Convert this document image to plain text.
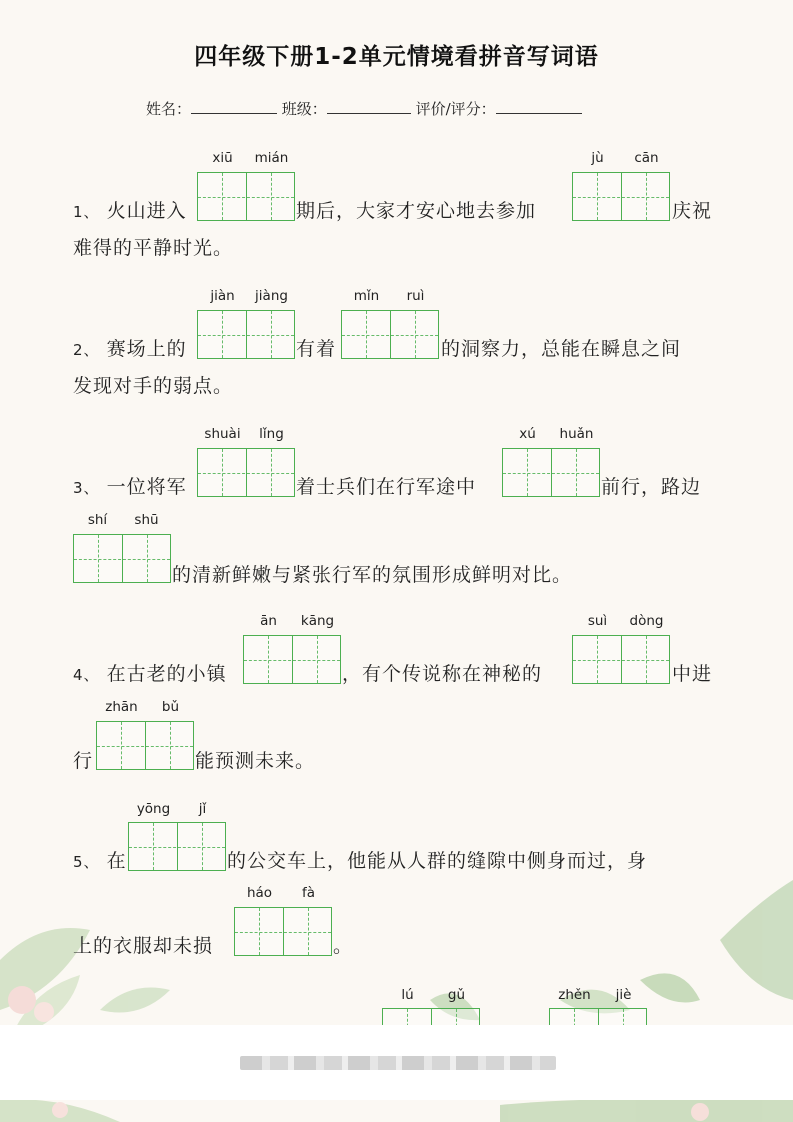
四年级下册1-2单元情境看拼音写词语
姓名：	班级：	评价/评分：
xiū	mián	jù	cān
1、 火山进入	期后，大家才安心地去参加	庆祝
难得的平静时光。
jiàn	jiàng	mǐn	ruì
2、 赛场上的	有着	的洞察力，总能在瞬息之间
发现对手的弱点。
shuài	lǐng	xú	huǎn
3、 一位将军	着士兵们在行军途中	前行，路边
shí	shū
的清新鲜嫩与紧张行军的氛围形成鲜明对比。
ān	kāng	suì	dòng
4、 在古老的小镇	，有个传说称在神秘的	中进
行
zhān	bǔ
能预测未来。
yōng	jǐ
5、 在	的公交车上，他能从人群的缝隙中侧身而过，身
上的衣服却未损
háo	fà
。
lú	gǔ	zhěn	jiè
